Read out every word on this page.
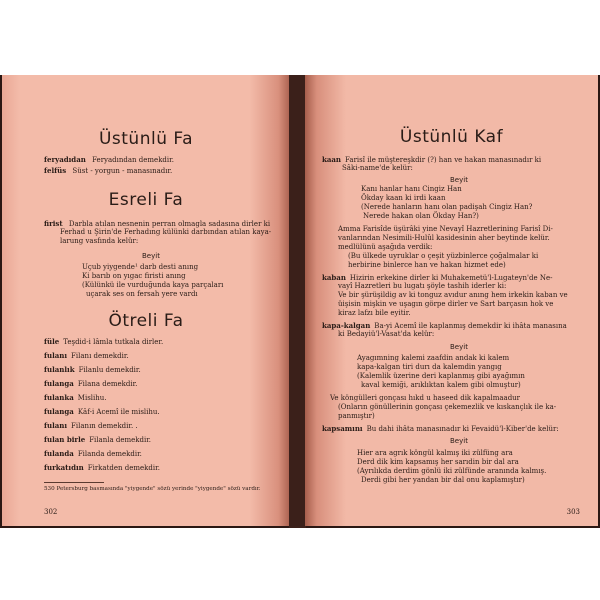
Üstünlü Fa
feryadıdan Feryadından demekdir.
felfüs Süst - yorgun - manasınadır.
Esreli Fa
firist Darbla atılan nesnenin perran olmagla sadasına dirler ki
Ferhad u Şirin'de Ferhadıng külünki darbından atılan kaya-
larung vasfında kelür:
Beyit
Uçub yiygende¹ darb desti anıng
Ki barıb on yıgac firisti anıng
(Külünkü ile vurduğunda kaya parçaları
uçarak ses on fersah yere vardı
Ötreli Fa
füle Teşdid-i lâmla tutkala dirler.
fulanı Filanı demekdir.
fulanlık Filanlu demekdir.
fulanga Filana demekdir.
fulanka Mislihu.
fulanga Kâf-i Acemî ile mislihu.
fulanı Filanın demekdir. .
fulan birle Filanla demekdir.
fulanda Filanda demekdir.
furkatıdın Firkatden demekdir.
530 Petersburg basmasında "yiygende" sözü yerinde "yiygende" sözü vardır.
302
Üstünlü Kaf
kaan Farisî ile müştereşkdir (?) han ve hakan manasınadır ki
Sâki-name'de kelür:
Beyit
Kanı hanlar hanı Cingiz Han
Ökday kaan ki irdi kaan
(Nerede hanların hanı olan padişah Cingiz Han?
Nerede hakan olan Ökday Han?)
Amma Farisîde üşürâki yine Nevayî Hazretlerining Farisî Di-
vanlarından Nesimili-Hulûl kasidesinin aher beytinde kelür.
medlülünü aşağıda verdik:
(Bu ülkede uyruklar o çeşit yüzbinlerce çoğalmalar ki
herbirine binlerce han ve hakan hizmet ede)
kaban Hizirin erkekine dirler ki Muhakemetü'l-Lugateyn'de Ne-
vayî Hazretleri bu lugatı şöyle tashih iderler ki:
Ve bir şürüşildig av ki tonguz avıdur anıng hem irkekin kaban ve
üişisin mişkin ve uşagın görpe dirler ve Sart barçasın hok ve
kiraz lafzı bile eyitir.
kapa-kalgan Ba-yi Acemî ile kaplanmış demekdir ki ihâta manasına
ki Bedayiü'l-Vasat'da kelür:
Beyit
Ayagımning kalemi zaafdin andak ki kalem
kapa-kalgan tiri durı da kalemdin yangıg
(Kalemlik üzerine deri kaplanmış gibi ayağımın
kaval kemiği, arıklıktan kalem gibi olmuştur)
Ve köngülleri gonçası hıkd u haseed dik kapalmaadur
(Onların gönüllerinin gonçası çekemezlik ve kıskançlık ile ka-
panmıştır)
kapsamını Bu dahi ihâta manasınadır ki Fevaidü'l-Kiber'de kelür:
Beyit
Hier ara agrık köngül kalmış iki zülfüng ara
Derd dik kim kapsamış her sarıdin bir dal ara
(Ayrılıkda derdim gönlü iki zülfünde aranında kalmış.
Derdi gibi her yandan bir dal onu kaplamıştır)
303
